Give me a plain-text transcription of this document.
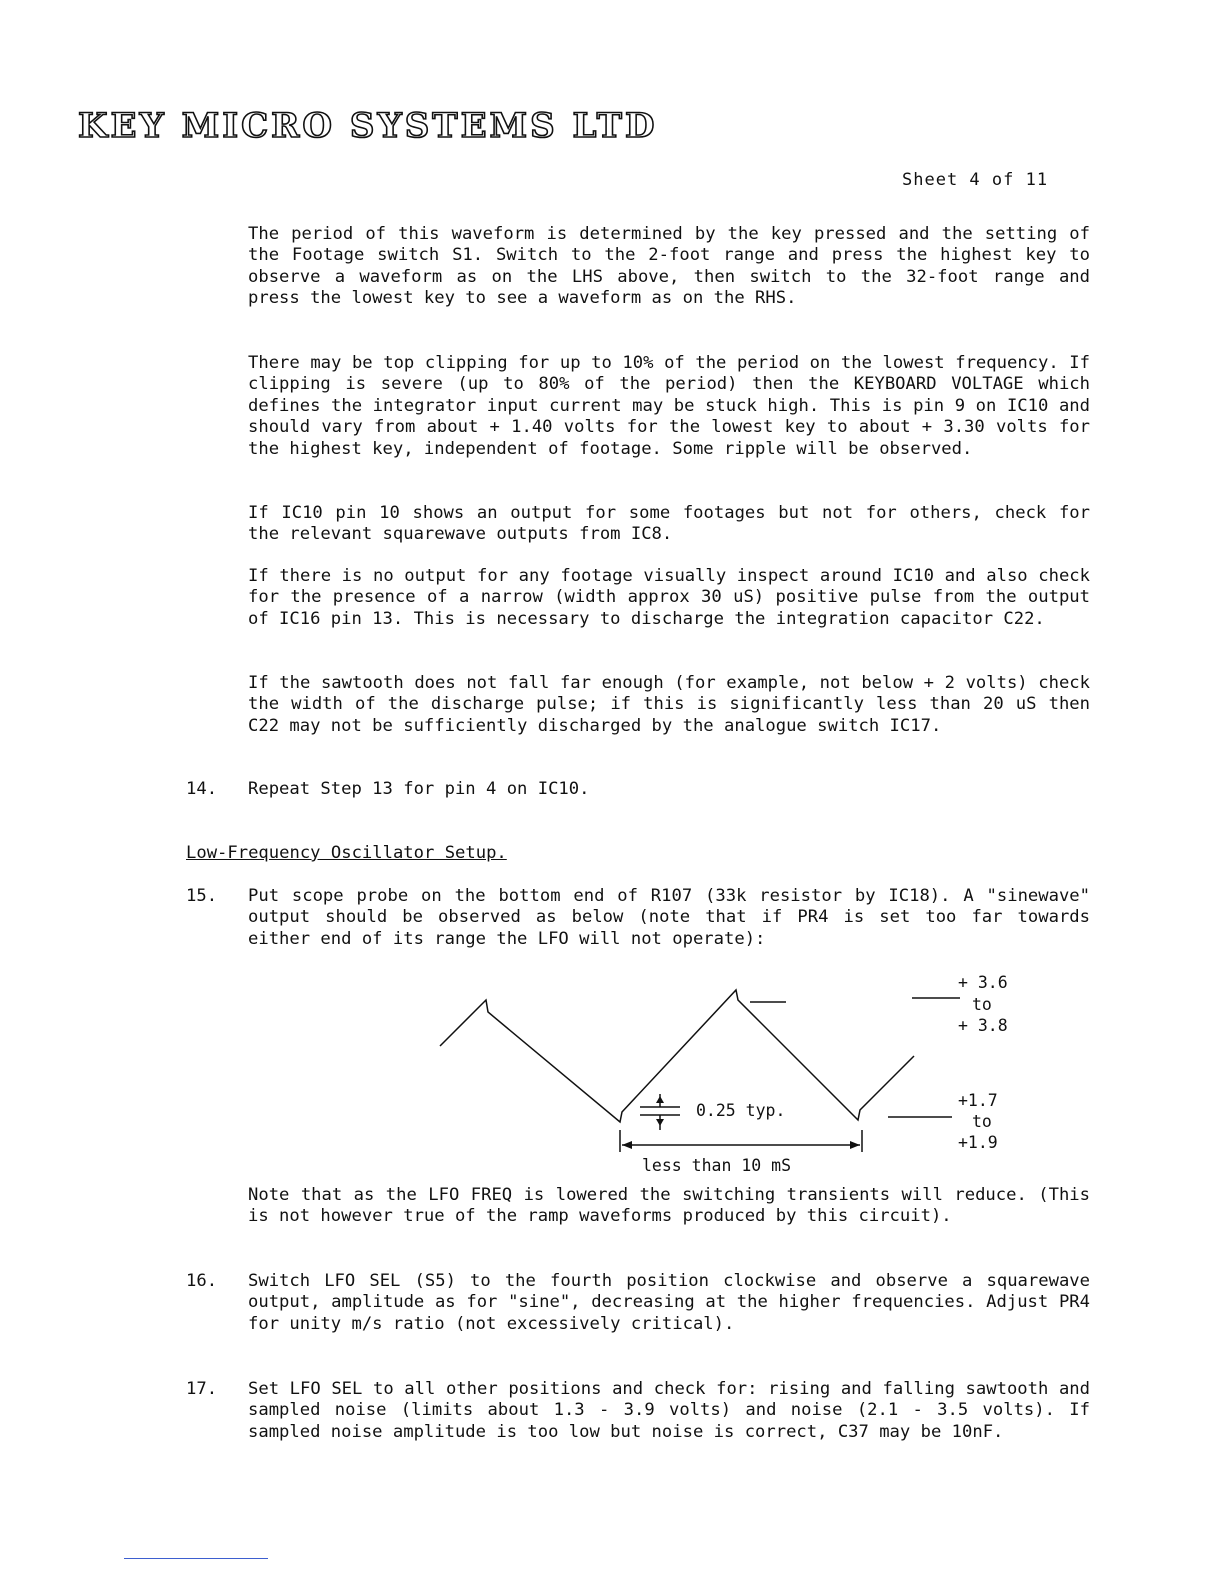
KEY MICRO SYSTEMS LTD
Sheet 4 of 11

The period of this waveform is determined by the key pressed and the setting of the Footage switch S1. Switch to the 2-foot range and press the highest key to observe a waveform as on the LHS above, then switch to the 32-foot range and press the lowest key to see a waveform as on the RHS.

There may be top clipping for up to 10% of the period on the lowest frequency. If clipping is severe (up to 80% of the period) then the KEYBOARD VOLTAGE which defines the integrator input current may be stuck high. This is pin 9 on IC10 and should vary from about + 1.40 volts for the lowest key to about + 3.30 volts for the highest key, independent of footage. Some ripple will be observed.

If IC10 pin 10 shows an output for some footages but not for others, check for the relevant squarewave outputs from IC8.

If there is no output for any footage visually inspect around IC10 and also check for the presence of a narrow (width approx 30 uS) positive pulse from the output of IC16 pin 13. This is necessary to discharge the integration capacitor C22.

If the sawtooth does not fall far enough (for example, not below + 2 volts) check the width of the discharge pulse; if this is significantly less than 20 uS then C22 may not be sufficiently discharged by the analogue switch IC17.

14. Repeat Step 13 for pin 4 on IC10.

Low-Frequency Oscillator Setup.
15. Put scope probe on the bottom end of R107 (33k resistor by IC18). A "sinewave" output should be observed as below (note that if PR4 is set too far towards either end of its range the LFO will not operate):

+ 3.6
to
+ 3.8
+1.7
to
+1.9
0.25 typ.
less than 10 mS

Note that as the LFO FREQ is lowered the switching transients will reduce. (This is not however true of the ramp waveforms produced by this circuit).

16. Switch LFO SEL (S5) to the fourth position clockwise and observe a squarewave output, amplitude as for "sine", decreasing at the higher frequencies. Adjust PR4 for unity m/s ratio (not excessively critical).

17. Set LFO SEL to all other positions and check for: rising and falling sawtooth and sampled noise (limits about 1.3 - 3.9 volts) and noise (2.1 - 3.5 volts). If sampled noise amplitude is too low but noise is correct, C37 may be 10nF.
